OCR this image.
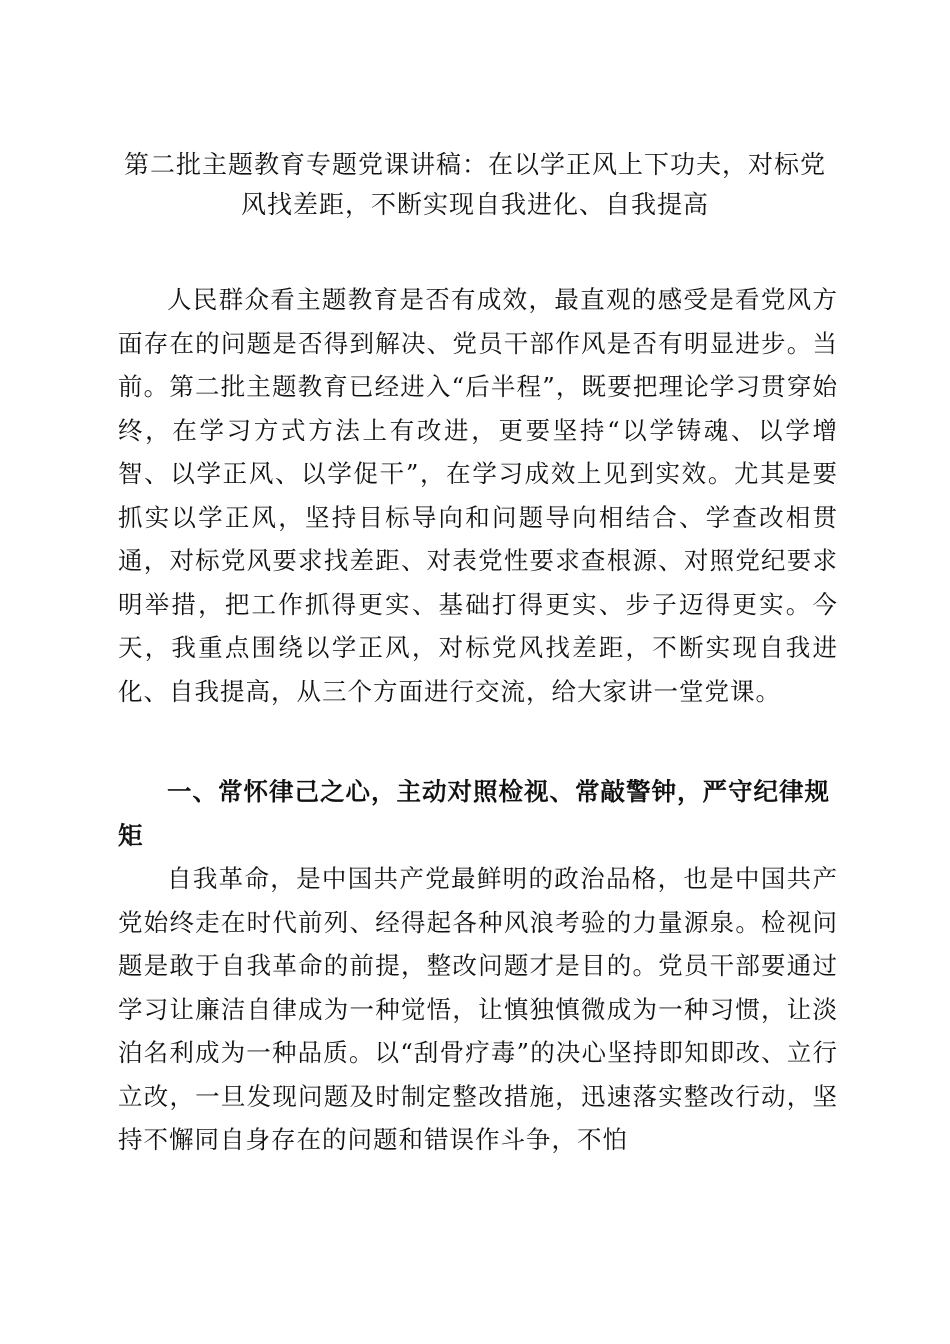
第二批主题教育专题党课讲稿：在以学正风上下功夫，对标党风找差距，不断实现自我进化、自我提高

人民群众看主题教育是否有成效，最直观的感受是看党风方面存在的问题是否得到解决、党员干部作风是否有明显进步。当前。第二批主题教育已经进入“后半程”，既要把理论学习贯穿始终，在学习方式方法上有改进，更要坚持“以学铸魂、以学增智、以学正风、以学促干”，在学习成效上见到实效。尤其是要抓实以学正风，坚持目标导向和问题导向相结合、学查改相贯通，对标党风要求找差距、对表党性要求查根源、对照党纪要求明举措，把工作抓得更实、基础打得更实、步子迈得更实。今天，我重点围绕以学正风，对标党风找差距，不断实现自我进化、自我提高，从三个方面进行交流，给大家讲一堂党课。

一、常怀律己之心，主动对照检视、常敲警钟，严守纪律规矩

自我革命，是中国共产党最鲜明的政治品格，也是中国共产党始终走在时代前列、经得起各种风浪考验的力量源泉。检视问题是敢于自我革命的前提，整改问题才是目的。党员干部要通过学习让廉洁自律成为一种觉悟，让慎独慎微成为一种习惯，让淡泊名利成为一种品质。以“刮骨疗毒”的决心坚持即知即改、立行立改，一旦发现问题及时制定整改措施，迅速落实整改行动，坚持不懈同自身存在的问题和错误作斗争，不怕
